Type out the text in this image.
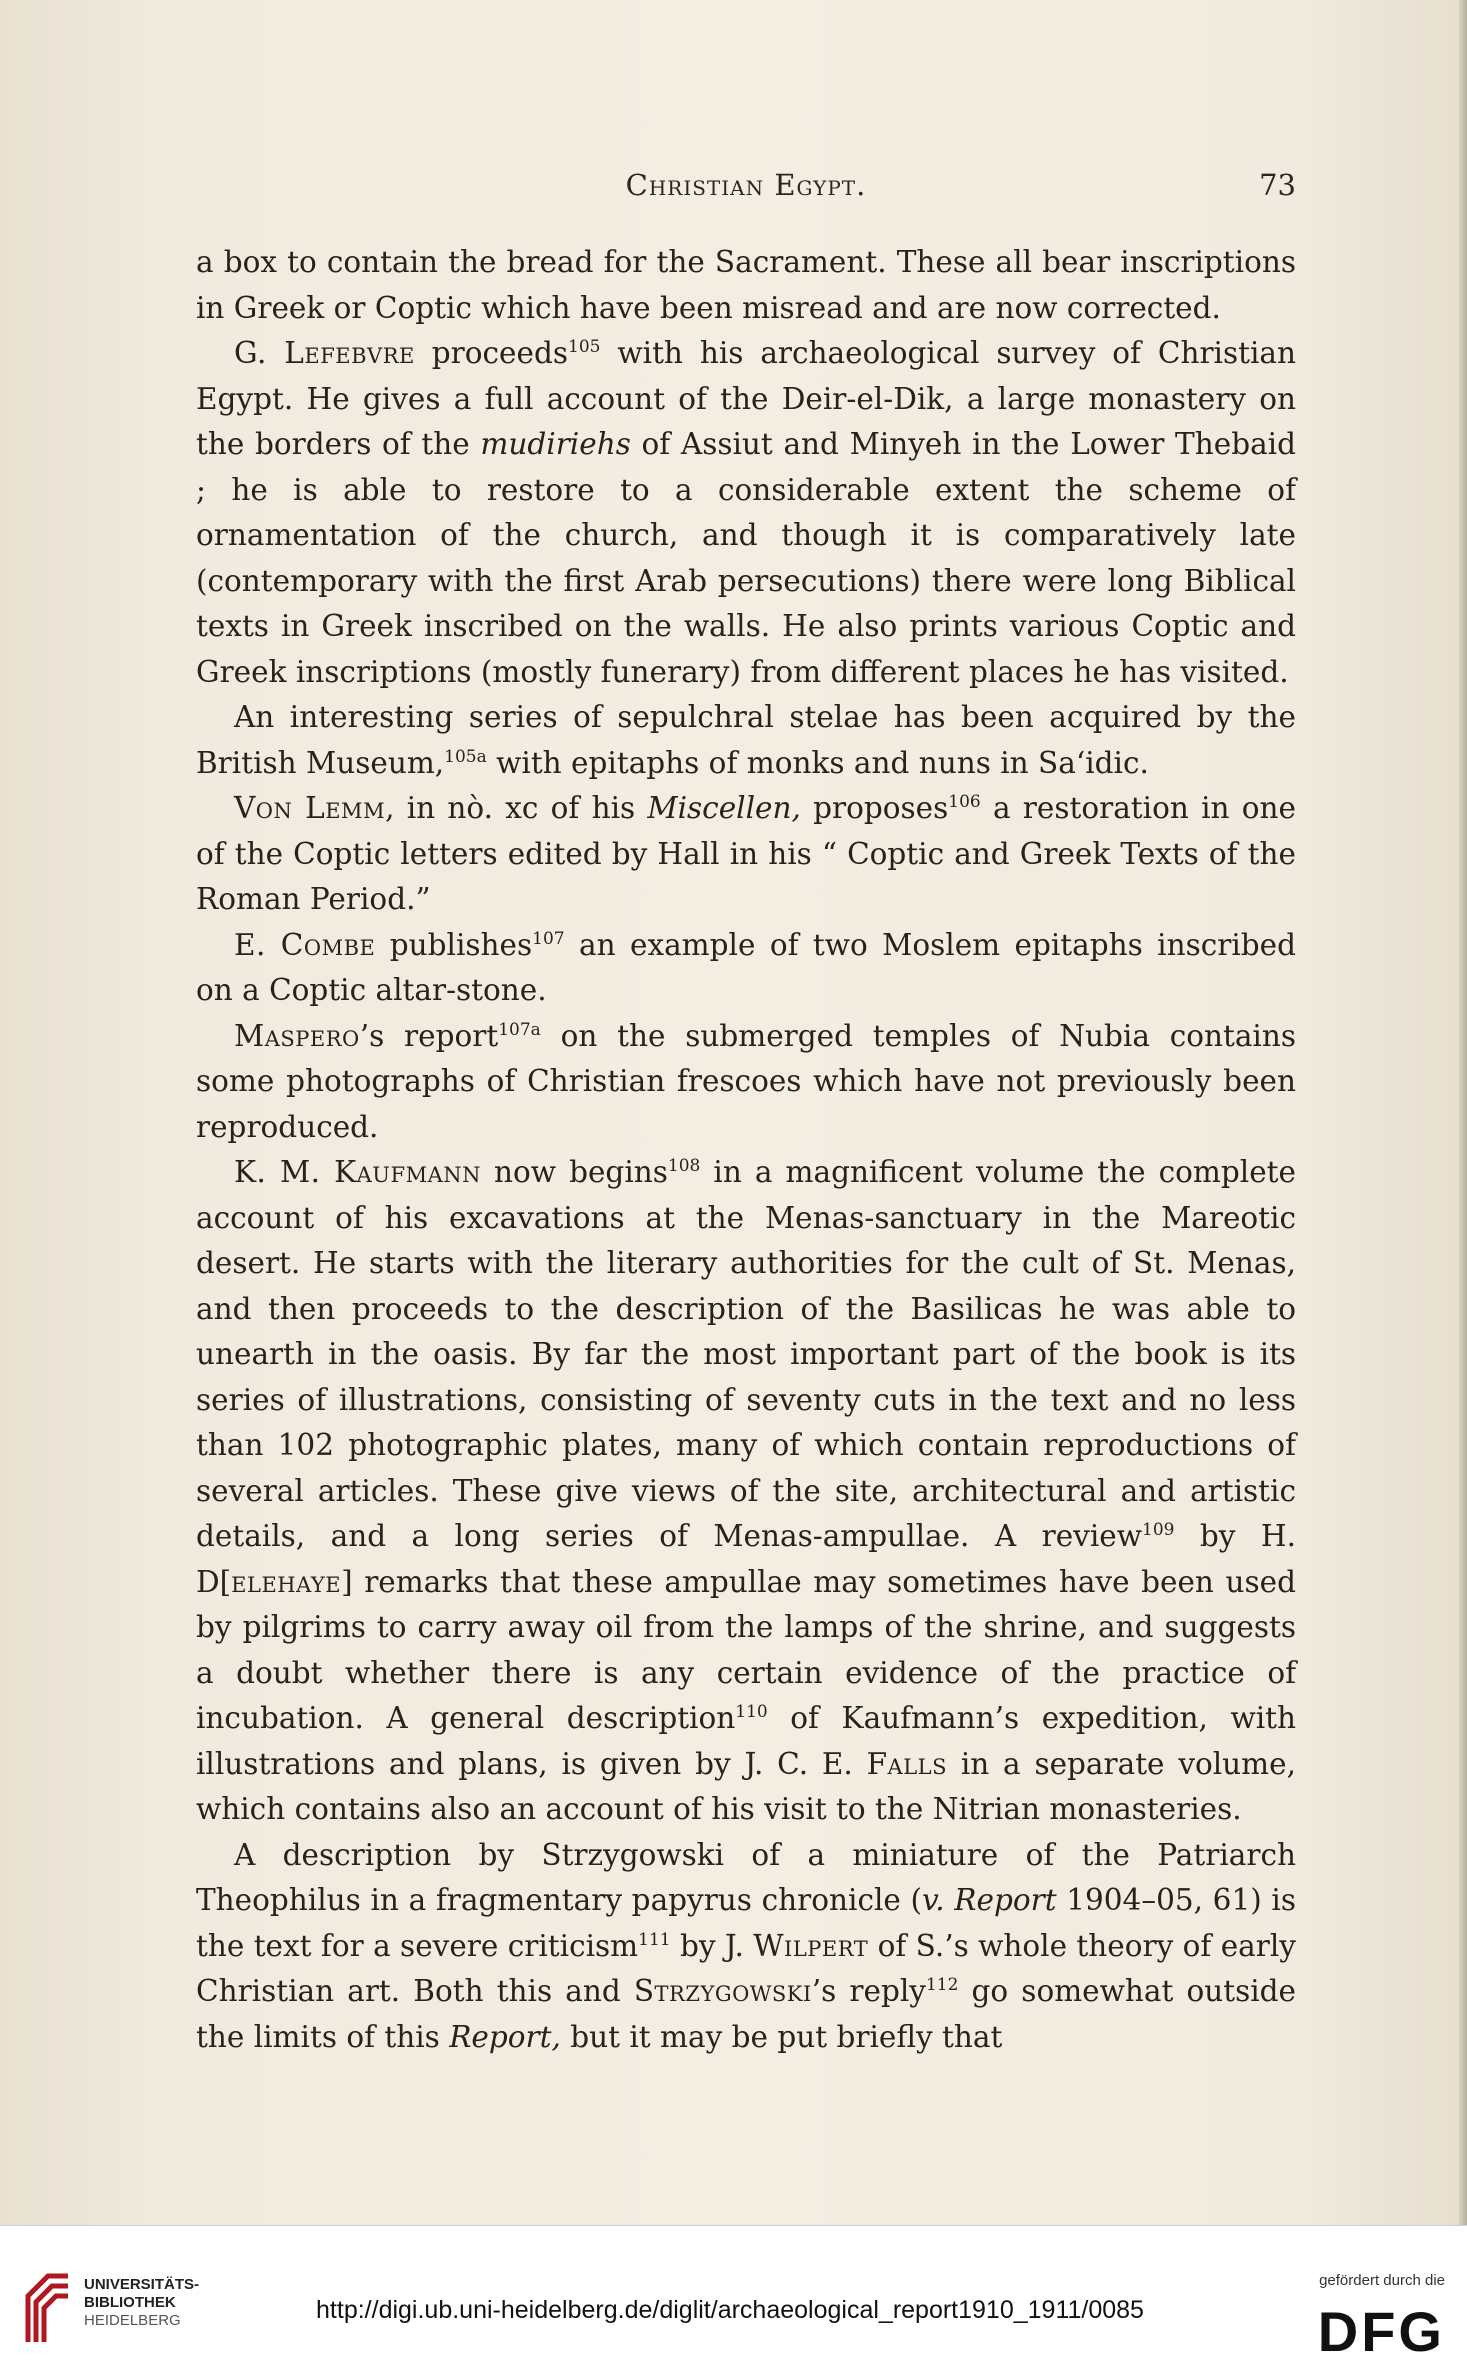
Christian Egypt.	73

a box to contain the bread for the Sacrament. These all bear inscriptions in Greek or Coptic which have been misread and are now corrected.

G. Lefebvre proceeds$^{105}$ with his archaeological survey of Christian Egypt. He gives a full account of the Deir-el-Dik, a large monastery on the borders of the mudiriehs of Assiut and Minyeh in the Lower Thebaid ; he is able to restore to a considerable extent the scheme of ornamentation of the church, and though it is comparatively late (contemporary with the first Arab persecutions) there were long Biblical texts in Greek inscribed on the walls. He also prints various Coptic and Greek inscriptions (mostly funerary) from different places he has visited.

An interesting series of sepulchral stelae has been acquired by the British Museum,$^{105a}$ with epitaphs of monks and nuns in Sa‘idic.

Von Lemm, in nò. xc of his Miscellen, proposes$^{106}$ a restoration in one of the Coptic letters edited by Hall in his “ Coptic and Greek Texts of the Roman Period.”

E. Combe publishes$^{107}$ an example of two Moslem epitaphs inscribed on a Coptic altar-stone.

Maspero’s report$^{107a}$ on the submerged temples of Nubia contains some photographs of Christian frescoes which have not previously been reproduced.

K. M. Kaufmann now begins$^{108}$ in a magnificent volume the complete account of his excavations at the Menas-sanctuary in the Mareotic desert. He starts with the literary authorities for the cult of St. Menas, and then proceeds to the description of the Basilicas he was able to unearth in the oasis. By far the most important part of the book is its series of illustrations, consisting of seventy cuts in the text and no less than 102 photographic plates, many of which contain reproductions of several articles. These give views of the site, architectural and artistic details, and a long series of Menas-ampullae. A review$^{109}$ by H. D[elehaye] remarks that these ampullae may sometimes have been used by pilgrims to carry away oil from the lamps of the shrine, and suggests a doubt whether there is any certain evidence of the practice of incubation. A general description$^{110}$ of Kaufmann’s expedition, with illustrations and plans, is given by J. C. E. Falls in a separate volume, which contains also an account of his visit to the Nitrian monasteries.

A description by Strzygowski of a miniature of the Patriarch Theophilus in a fragmentary papyrus chronicle (v. Report 1904–05, 61) is the text for a severe criticism$^{111}$ by J. Wilpert of S.’s whole theory of early Christian art. Both this and Strzygowski’s reply$^{112}$ go somewhat outside the limits of this Report, but it may be put briefly that

UNIVERSITÄTS-
BIBLIOTHEK
HEIDELBERG	http://digi.ub.uni-heidelberg.de/diglit/archaeological_report1910_1911/0085
gefördert durch die
DFG
